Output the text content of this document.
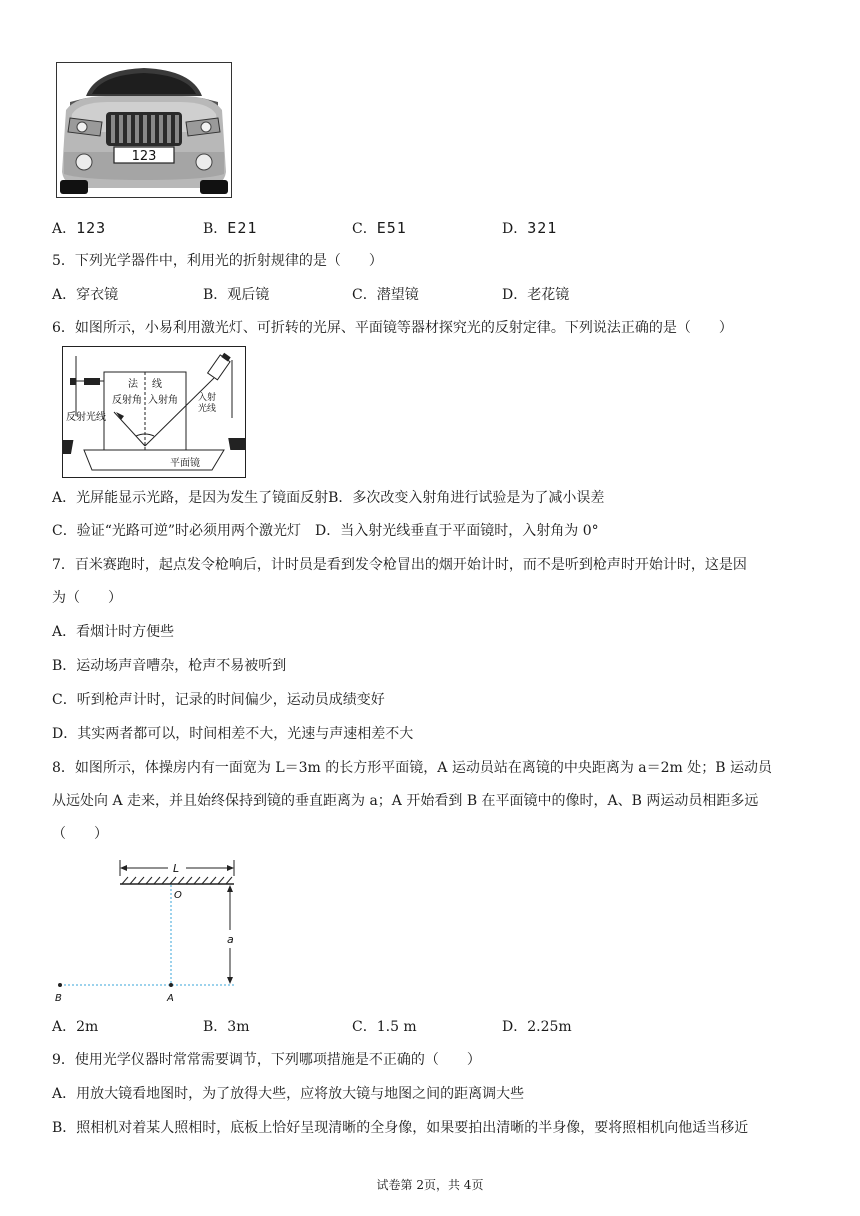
123
A．123	B．E21	C．E51	D．321
5．下列光学器件中，利用光的折射规律的是（　　）
A．穿衣镜	B．观后镜	C．潜望镜	D．老花镜
6．如图所示，小易利用激光灯、可折转的光屏、平面镜等器材探究光的反射定律。下列说法正确的是（　　）
法 线
反射角 入射角
反射光线
入射
光线
平面镜
A．光屏能显示光路，是因为发生了镜面反射B．多次改变入射角进行试验是为了减小误差
C．验证“光路可逆”时必须用两个激光灯　D．当入射光线垂直于平面镜时，入射角为 0°
7．百米赛跑时，起点发令枪响后，计时员是看到发令枪冒出的烟开始计时，而不是听到枪声时开始计时，这是因
为（　　）
A．看烟计时方便些
B．运动场声音嘈杂，枪声不易被听到
C．听到枪声计时，记录的时间偏少，运动员成绩变好
D．其实两者都可以，时间相差不大，光速与声速相差不大
8．如图所示，体操房内有一面宽为 L＝3m 的长方形平面镜，A 运动员站在离镜的中央距离为 a＝2m 处；B 运动员
从远处向 A 走来，并且始终保持到镜的垂直距离为 a；A 开始看到 B 在平面镜中的像时，A、B 两运动员相距多远
（　　）
L
O
a
B	A
A．2m	B．3m	C．1.5 m	D．2.25m
9．使用光学仪器时常常需要调节，下列哪项措施是不正确的（　　）
A．用放大镜看地图时，为了放得大些，应将放大镜与地图之间的距离调大些
B．照相机对着某人照相时，底板上恰好呈现清晰的全身像，如果要拍出清晰的半身像，要将照相机向他适当移近
试卷第 2页，共 4页
